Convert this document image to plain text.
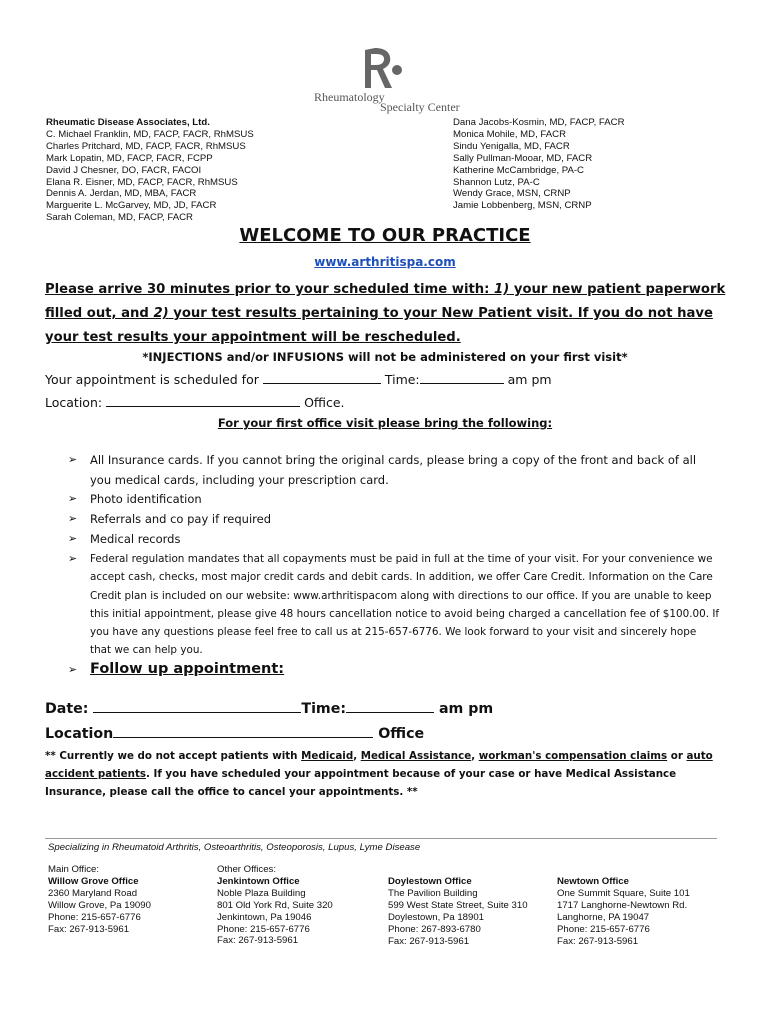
Rheumatology
Specialty Center
Rheumatic Disease Associates, Ltd.
C. Michael Franklin, MD, FACP, FACR, RhMSUS
Charles Pritchard, MD, FACP, FACR, RhMSUS
Mark Lopatin, MD, FACP, FACR, FCPP
David J Chesner, DO, FACR, FACOI
Elana R. Eisner, MD, FACP, FACR, RhMSUS
Dennis A. Jerdan, MD, MBA, FACR
Marguerite L. McGarvey, MD, JD, FACR
Sarah Coleman, MD, FACP, FACR
Dana Jacobs-Kosmin, MD, FACP, FACR
Monica Mohile, MD, FACR
Sindu Yenigalla, MD, FACR
Sally Pullman-Mooar, MD, FACR
Katherine McCambridge, PA-C
Shannon Lutz, PA-C
Wendy Grace, MSN, CRNP
Jamie Lobbenberg, MSN, CRNP
WELCOME TO OUR PRACTICE
www.arthritispa.com
Please arrive 30 minutes prior to your scheduled time with: 1) your new patient paperwork filled out, and 2) your test results pertaining to your New Patient visit. If you do not have your test results your appointment will be rescheduled.
*INJECTIONS and/or INFUSIONS will not be administered on your first visit*
Your appointment is scheduled for	Time:	am pm
Location:	Office.
For your first office visit please bring the following:
➢ All Insurance cards. If you cannot bring the original cards, please bring a copy of the front and back of all you medical cards, including your prescription card.
➢ Photo identification
➢ Referrals and co pay if required
➢ Medical records
➢ Federal regulation mandates that all copayments must be paid in full at the time of your visit. For your convenience we accept cash, checks, most major credit cards and debit cards. In addition, we offer Care Credit. Information on the Care Credit plan is included on our website: www.arthritispacom along with directions to our office. If you are unable to keep this initial appointment, please give 48 hours cancellation notice to avoid being charged a cancellation fee of $100.00. If you have any questions please feel free to call us at 215-657-6776. We look forward to your visit and sincerely hope that we can help you.
➢ Follow up appointment:
Date:	Time:	am pm
Location	Office
** Currently we do not accept patients with Medicaid, Medical Assistance, workman's compensation claims or auto accident patients. If you have scheduled your appointment because of your case or have Medical Assistance Insurance, please call the office to cancel your appointments. **
Specializing in Rheumatoid Arthritis, Osteoarthritis, Osteoporosis, Lupus, Lyme Disease
Main Office:
Willow Grove Office
2360 Maryland Road
Willow Grove, Pa 19090
Phone: 215-657-6776
Fax: 267-913-5961
Other Offices:
Jenkintown Office
Noble Plaza Building
801 Old York Rd, Suite 320
Jenkintown, Pa 19046
Phone: 215-657-6776
Fax: 267-913-5961
Doylestown Office
The Pavilion Building
599 West State Street, Suite 310
Doylestown, Pa 18901
Phone: 267-893-6780
Fax: 267-913-5961
Newtown Office
One Summit Square, Suite 101
1717 Langhorne-Newtown Rd.
Langhorne, PA 19047
Phone: 215-657-6776
Fax: 267-913-5961
